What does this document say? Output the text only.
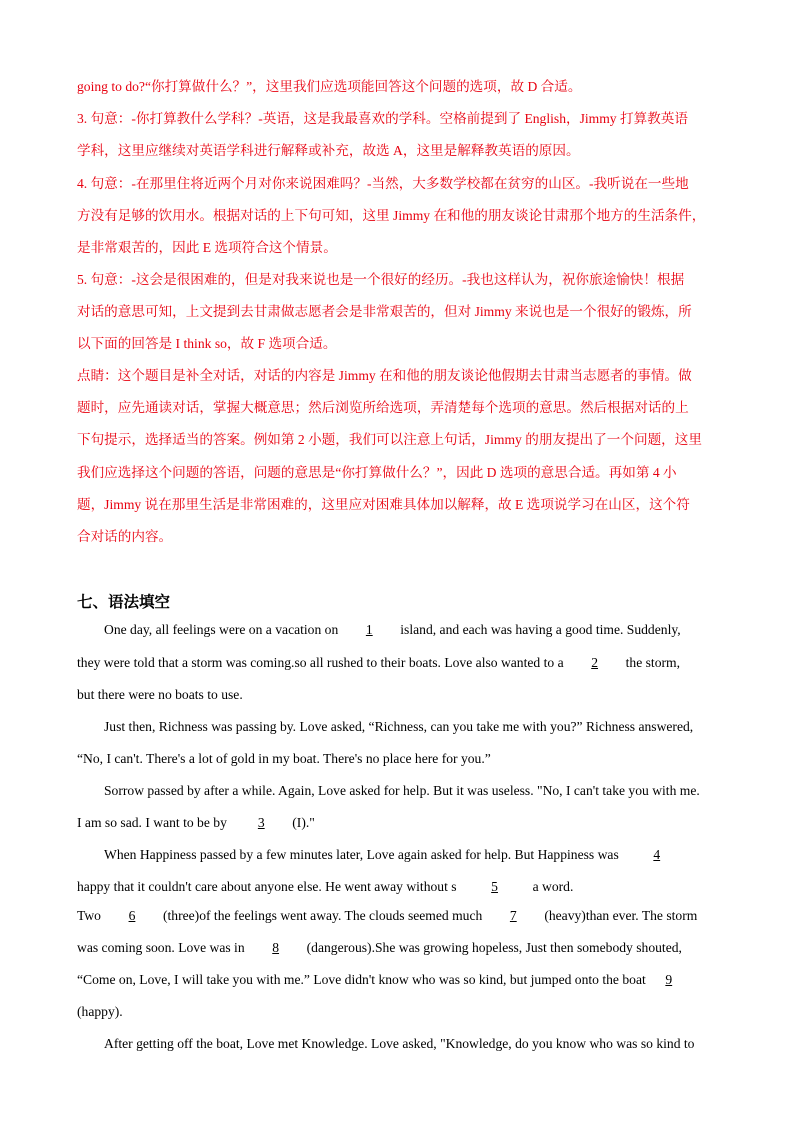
going to do?“你打算做什么？”，这里我们应选项能回答这个问题的选项，故 D 合适。
3. 句意：-你打算教什么学科？-英语，这是我最喜欢的学科。空格前提到了 English，Jimmy 打算教英语
学科，这里应继续对英语学科进行解释或补充，故选 A，这里是解释教英语的原因。
4. 句意：-在那里住将近两个月对你来说困难吗？-当然，大多数学校都在贫穷的山区。-我听说在一些地
方没有足够的饮用水。根据对话的上下句可知，这里 Jimmy 在和他的朋友谈论甘肃那个地方的生活条件，
是非常艰苦的，因此 E 选项符合这个情景。
5. 句意：-这会是很困难的，但是对我来说也是一个很好的经历。-我也这样认为，祝你旅途愉快！根据
对话的意思可知，上文提到去甘肃做志愿者会是非常艰苦的，但对 Jimmy 来说也是一个很好的锻炼，所
以下面的回答是 I think so，故 F 选项合适。
点睛：这个题目是补全对话，对话的内容是 Jimmy 在和他的朋友谈论他假期去甘肃当志愿者的事情。做
题时，应先通读对话，掌握大概意思；然后浏览所给选项，弄清楚每个选项的意思。然后根据对话的上
下句提示，选择适当的答案。例如第 2 小题，我们可以注意上句话，Jimmy 的朋友提出了一个问题，这里
我们应选择这个问题的答语，问题的意思是“你打算做什么？”，因此 D 选项的意思合适。再如第 4 小
题，Jimmy 说在那里生活是非常困难的，这里应对困难具体加以解释，故 E 选项说学习在山区，这个符
合对话的内容。
七、语法填空
One day, all feelings were on a vacation on 1 island, and each was having a good time. Suddenly,
they were told that a storm was coming.so all rushed to their boats. Love also wanted to a 2 the storm,
but there were no boats to use.
Just then, Richness was passing by. Love asked, “Richness, can you take me with you?” Richness answered,
“No, I can't. There's a lot of gold in my boat. There's no place here for you.”
Sorrow passed by after a while. Again, Love asked for help. But it was useless. "No, I can't take you with me.
I am so sad. I want to be by 3 (I)."
When Happiness passed by a few minutes later, Love again asked for help. But Happiness was	4
happy that it couldn't care about anyone else. He went away without s	5	a word.
Two 6 (three)of the feelings went away. The clouds seemed much 7 (heavy)than ever. The storm
was coming soon. Love was in 8 (dangerous).She was growing hopeless, Just then somebody shouted,
“Come on, Love, I will take you with me.” Love didn't know who was so kind, but jumped onto the boat 9
(happy).
After getting off the boat, Love met Knowledge. Love asked, "Knowledge, do you know who was so kind to
